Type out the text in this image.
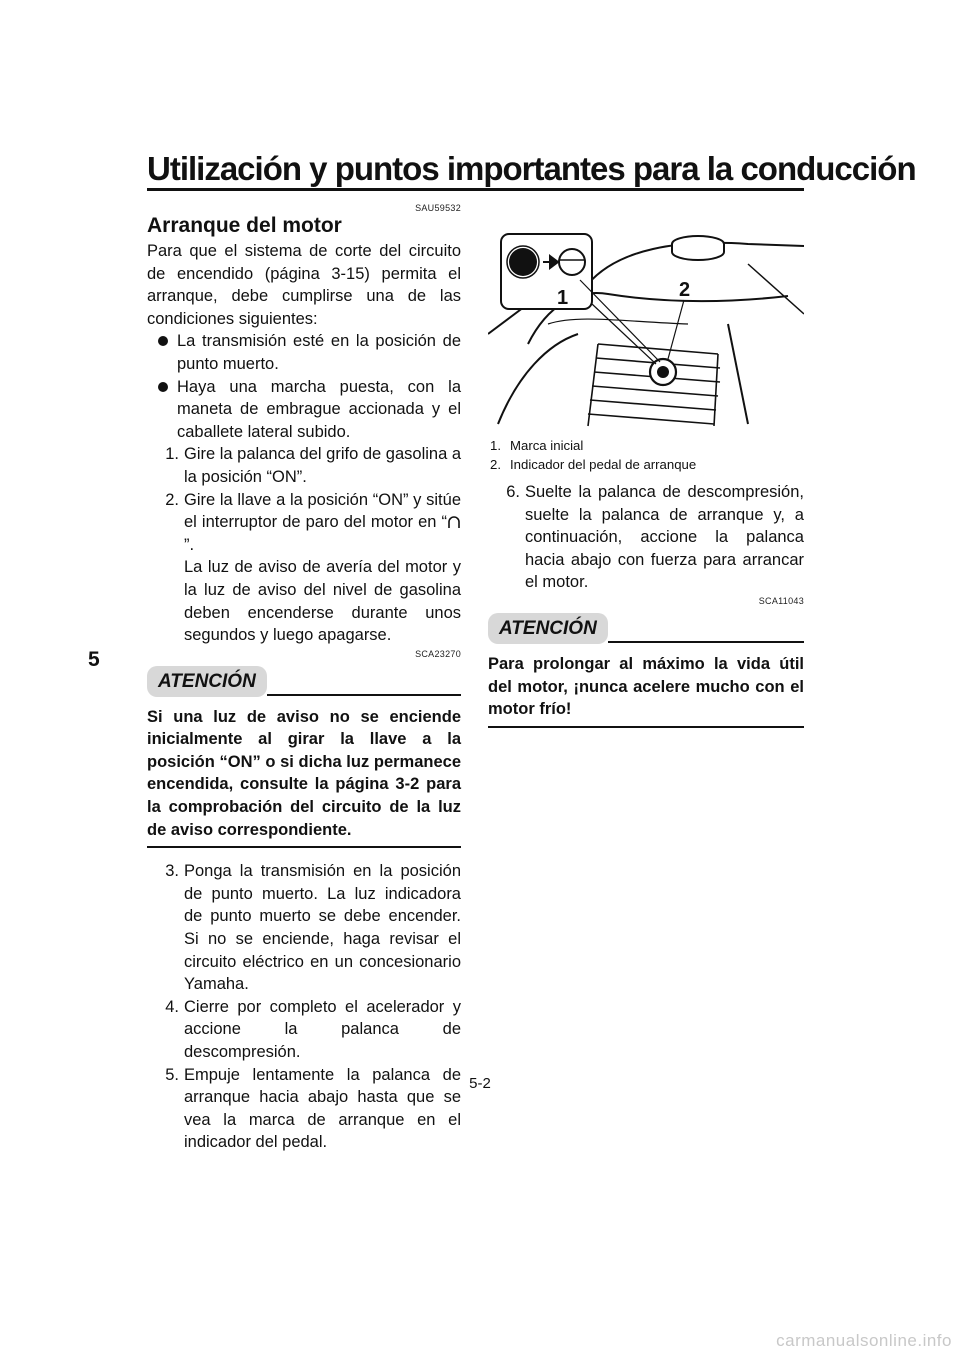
Utilización y puntos importantes para la conducción
5
SAU59532
Arranque del motor

Para que el sistema de corte del circuito de encendido (página 3-15) permita el arranque, debe cumplirse una de las condiciones siguientes:

La transmisión esté en la posición de punto muerto.
Haya una marcha puesta, con la maneta de embrague accionada y el caballete lateral subido.
1. Gire la palanca del grifo de gasolina a la posición “ON”.

2. Gire la llave a la posición “ON” y sitúe el interruptor de paro del motor en “”.

La luz de aviso de avería del motor y la luz de aviso del nivel de gasolina deben encenderse durante unos segundos y luego apagarse.

SCA23270
ATENCIÓN

Si una luz de aviso no se enciende inicialmente al girar la llave a la posición “ON” o si dicha luz permanece encendida, consulte la página 3-2 para la comprobación del circuito de la luz de aviso correspondiente.

3. Ponga la transmisión en la posición de punto muerto. La luz indicadora de punto muerto se debe encender. Si no se enciende, haga revisar el circuito eléctrico en un concesionario Yamaha.

4. Cierre por completo el acelerador y accione la palanca de descompresión.

5. Empuje lentamente la palanca de arranque hacia abajo hasta que se vea la marca de arranque en el indicador del pedal.

1	2
1. Marca inicial
2. Indicador del pedal de arranque
6. Suelte la palanca de descompresión, suelte la palanca de arranque y, a continuación, accione la palanca hacia abajo con fuerza para arrancar el motor.

SCA11043
ATENCIÓN

Para prolongar al máximo la vida útil del motor, ¡nunca acelere mucho con el motor frío!

5-2
carmanualsonline.info
